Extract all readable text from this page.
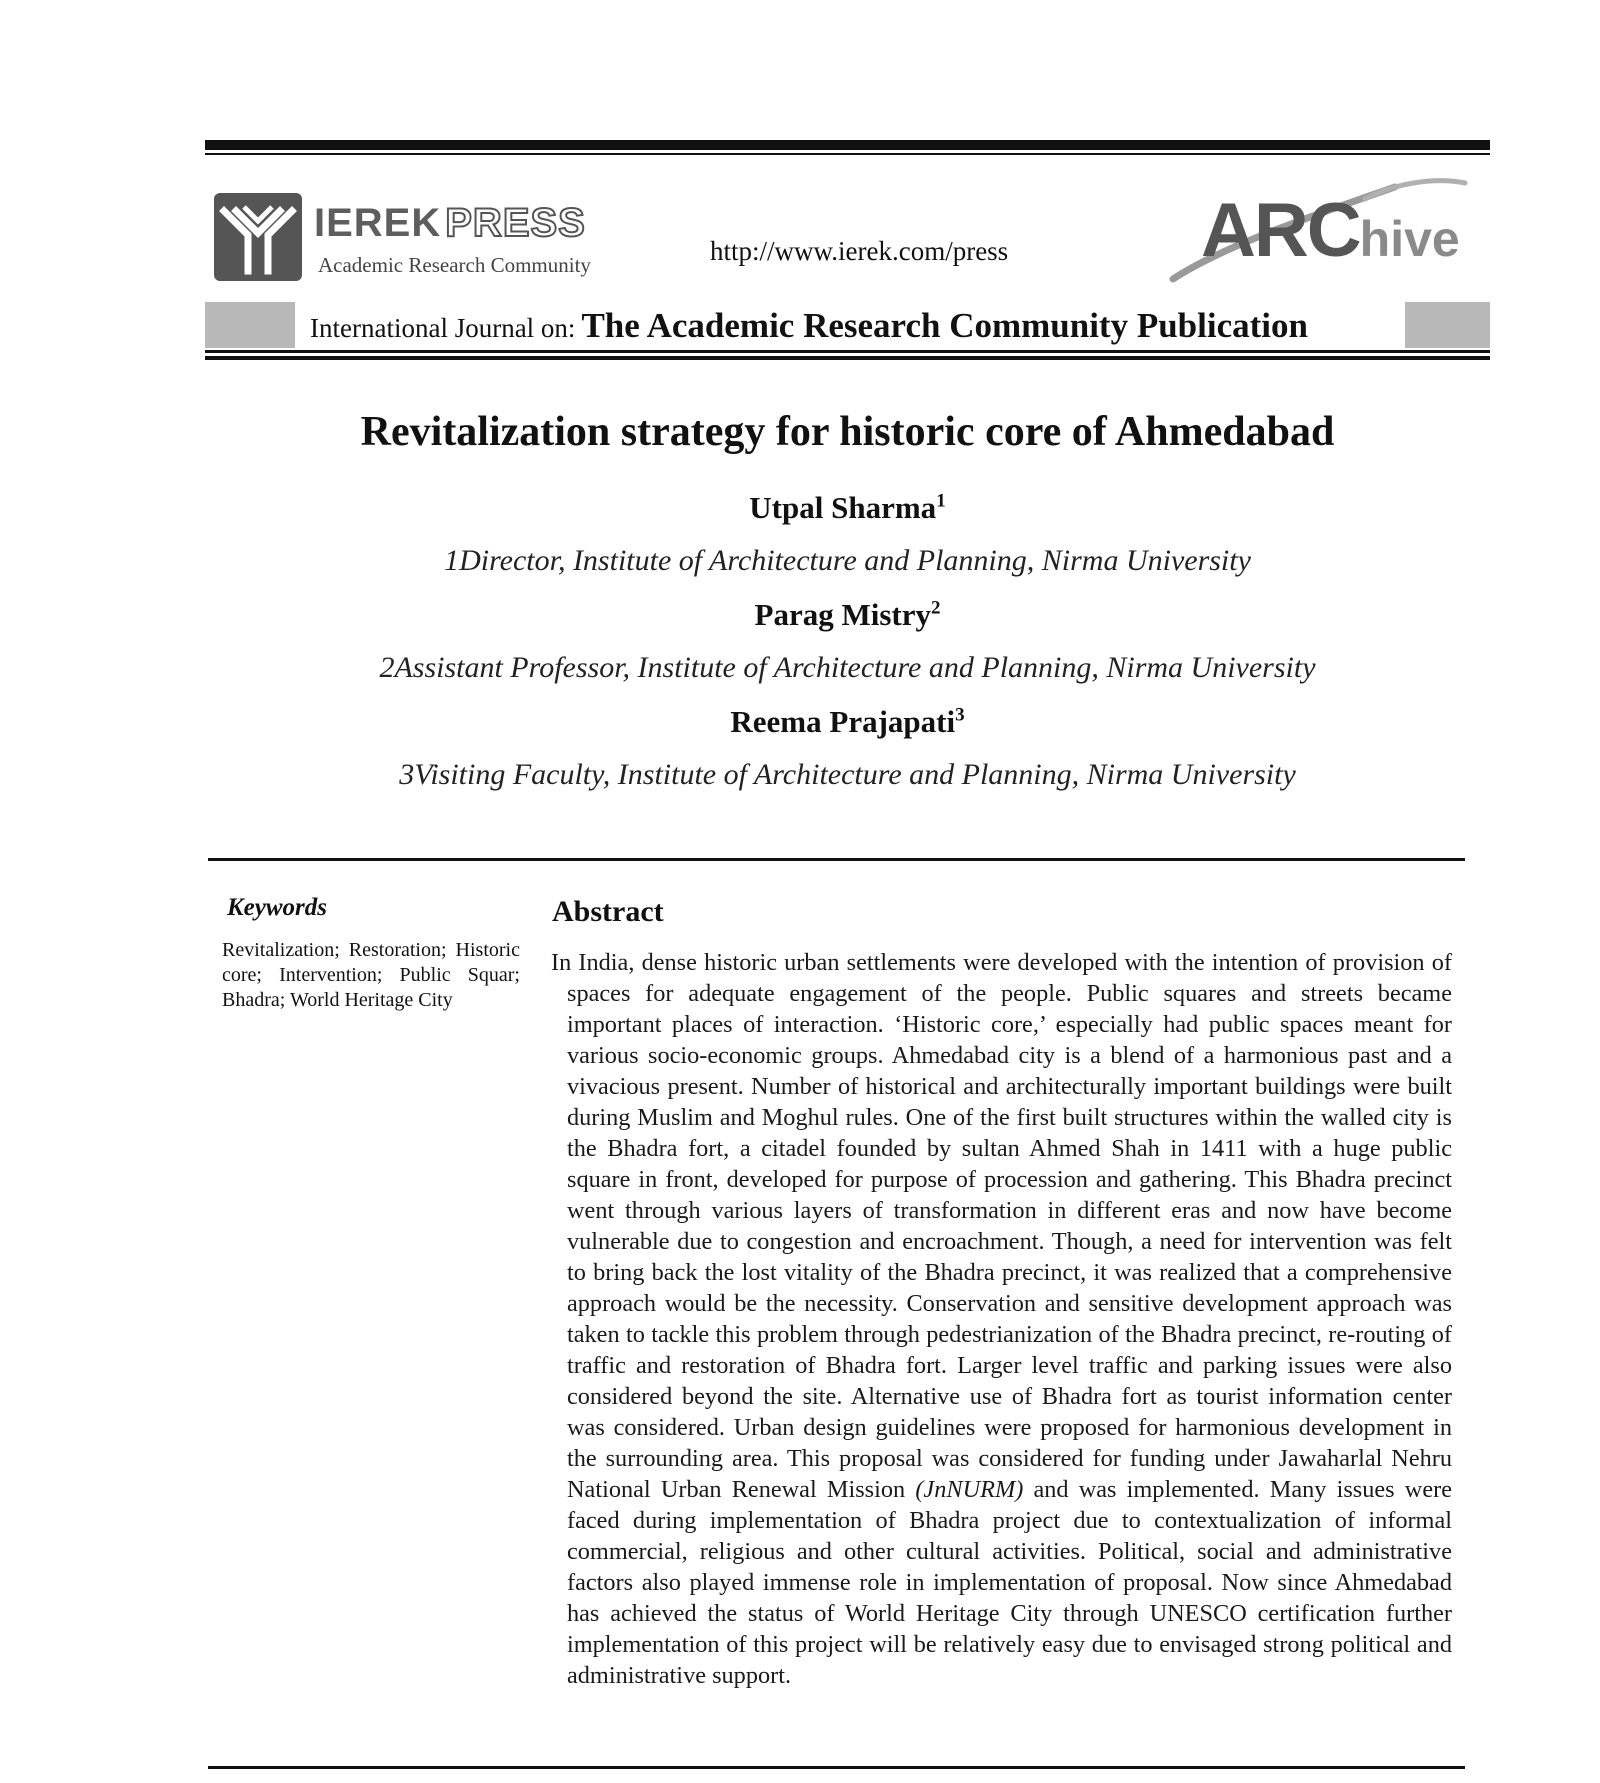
IEREK PRESS
Academic Research Community	http://www.ierek.com/press	ARChive
International Journal on: The Academic Research Community Publication
Revitalization strategy for historic core of Ahmedabad
Utpal Sharma$^1$
1Director, Institute of Architecture and Planning, Nirma University
Parag Mistry$^2$
2Assistant Professor, Institute of Architecture and Planning, Nirma University
Reema Prajapati$^3$
3Visiting Faculty, Institute of Architecture and Planning, Nirma University
Keywords
Revitalization; Restoration; Historic core; Intervention; Public Squar; Bhadra; World Heritage City
Abstract
In India, dense historic urban settlements were developed with the intention of provision of spaces for adequate engagement of the people. Public squares and streets became important places of interaction. ‘Historic core,’ especially had public spaces meant for various socio-economic groups. Ahmedabad city is a blend of a harmonious past and a vivacious present. Number of historical and architecturally important buildings were built during Muslim and Moghul rules. One of the first built structures within the walled city is the Bhadra fort, a citadel founded by sultan Ahmed Shah in 1411 with a huge public square in front, developed for purpose of procession and gathering. This Bhadra precinct went through various layers of transformation in different eras and now have become vulnerable due to congestion and encroachment. Though, a need for intervention was felt to bring back the lost vitality of the Bhadra precinct, it was realized that a comprehensive approach would be the necessity. Conservation and sensitive development approach was taken to tackle this problem through pedestrianization of the Bhadra precinct, re-routing of traffic and restoration of Bhadra fort. Larger level traffic and parking issues were also considered beyond the site. Alternative use of Bhadra fort as tourist information center was considered. Urban design guidelines were proposed for harmonious development in the surrounding area. This proposal was considered for funding under Jawaharlal Nehru National Urban Renewal Mission (JnNURM) and was implemented. Many issues were faced during implementation of Bhadra project due to contextualization of informal commercial, religious and other cultural activities. Political, social and administrative factors also played immense role in implementation of proposal. Now since Ahmedabad has achieved the status of World Heritage City through UNESCO certification further implementation of this project will be relatively easy due to envisaged strong political and administrative support.
